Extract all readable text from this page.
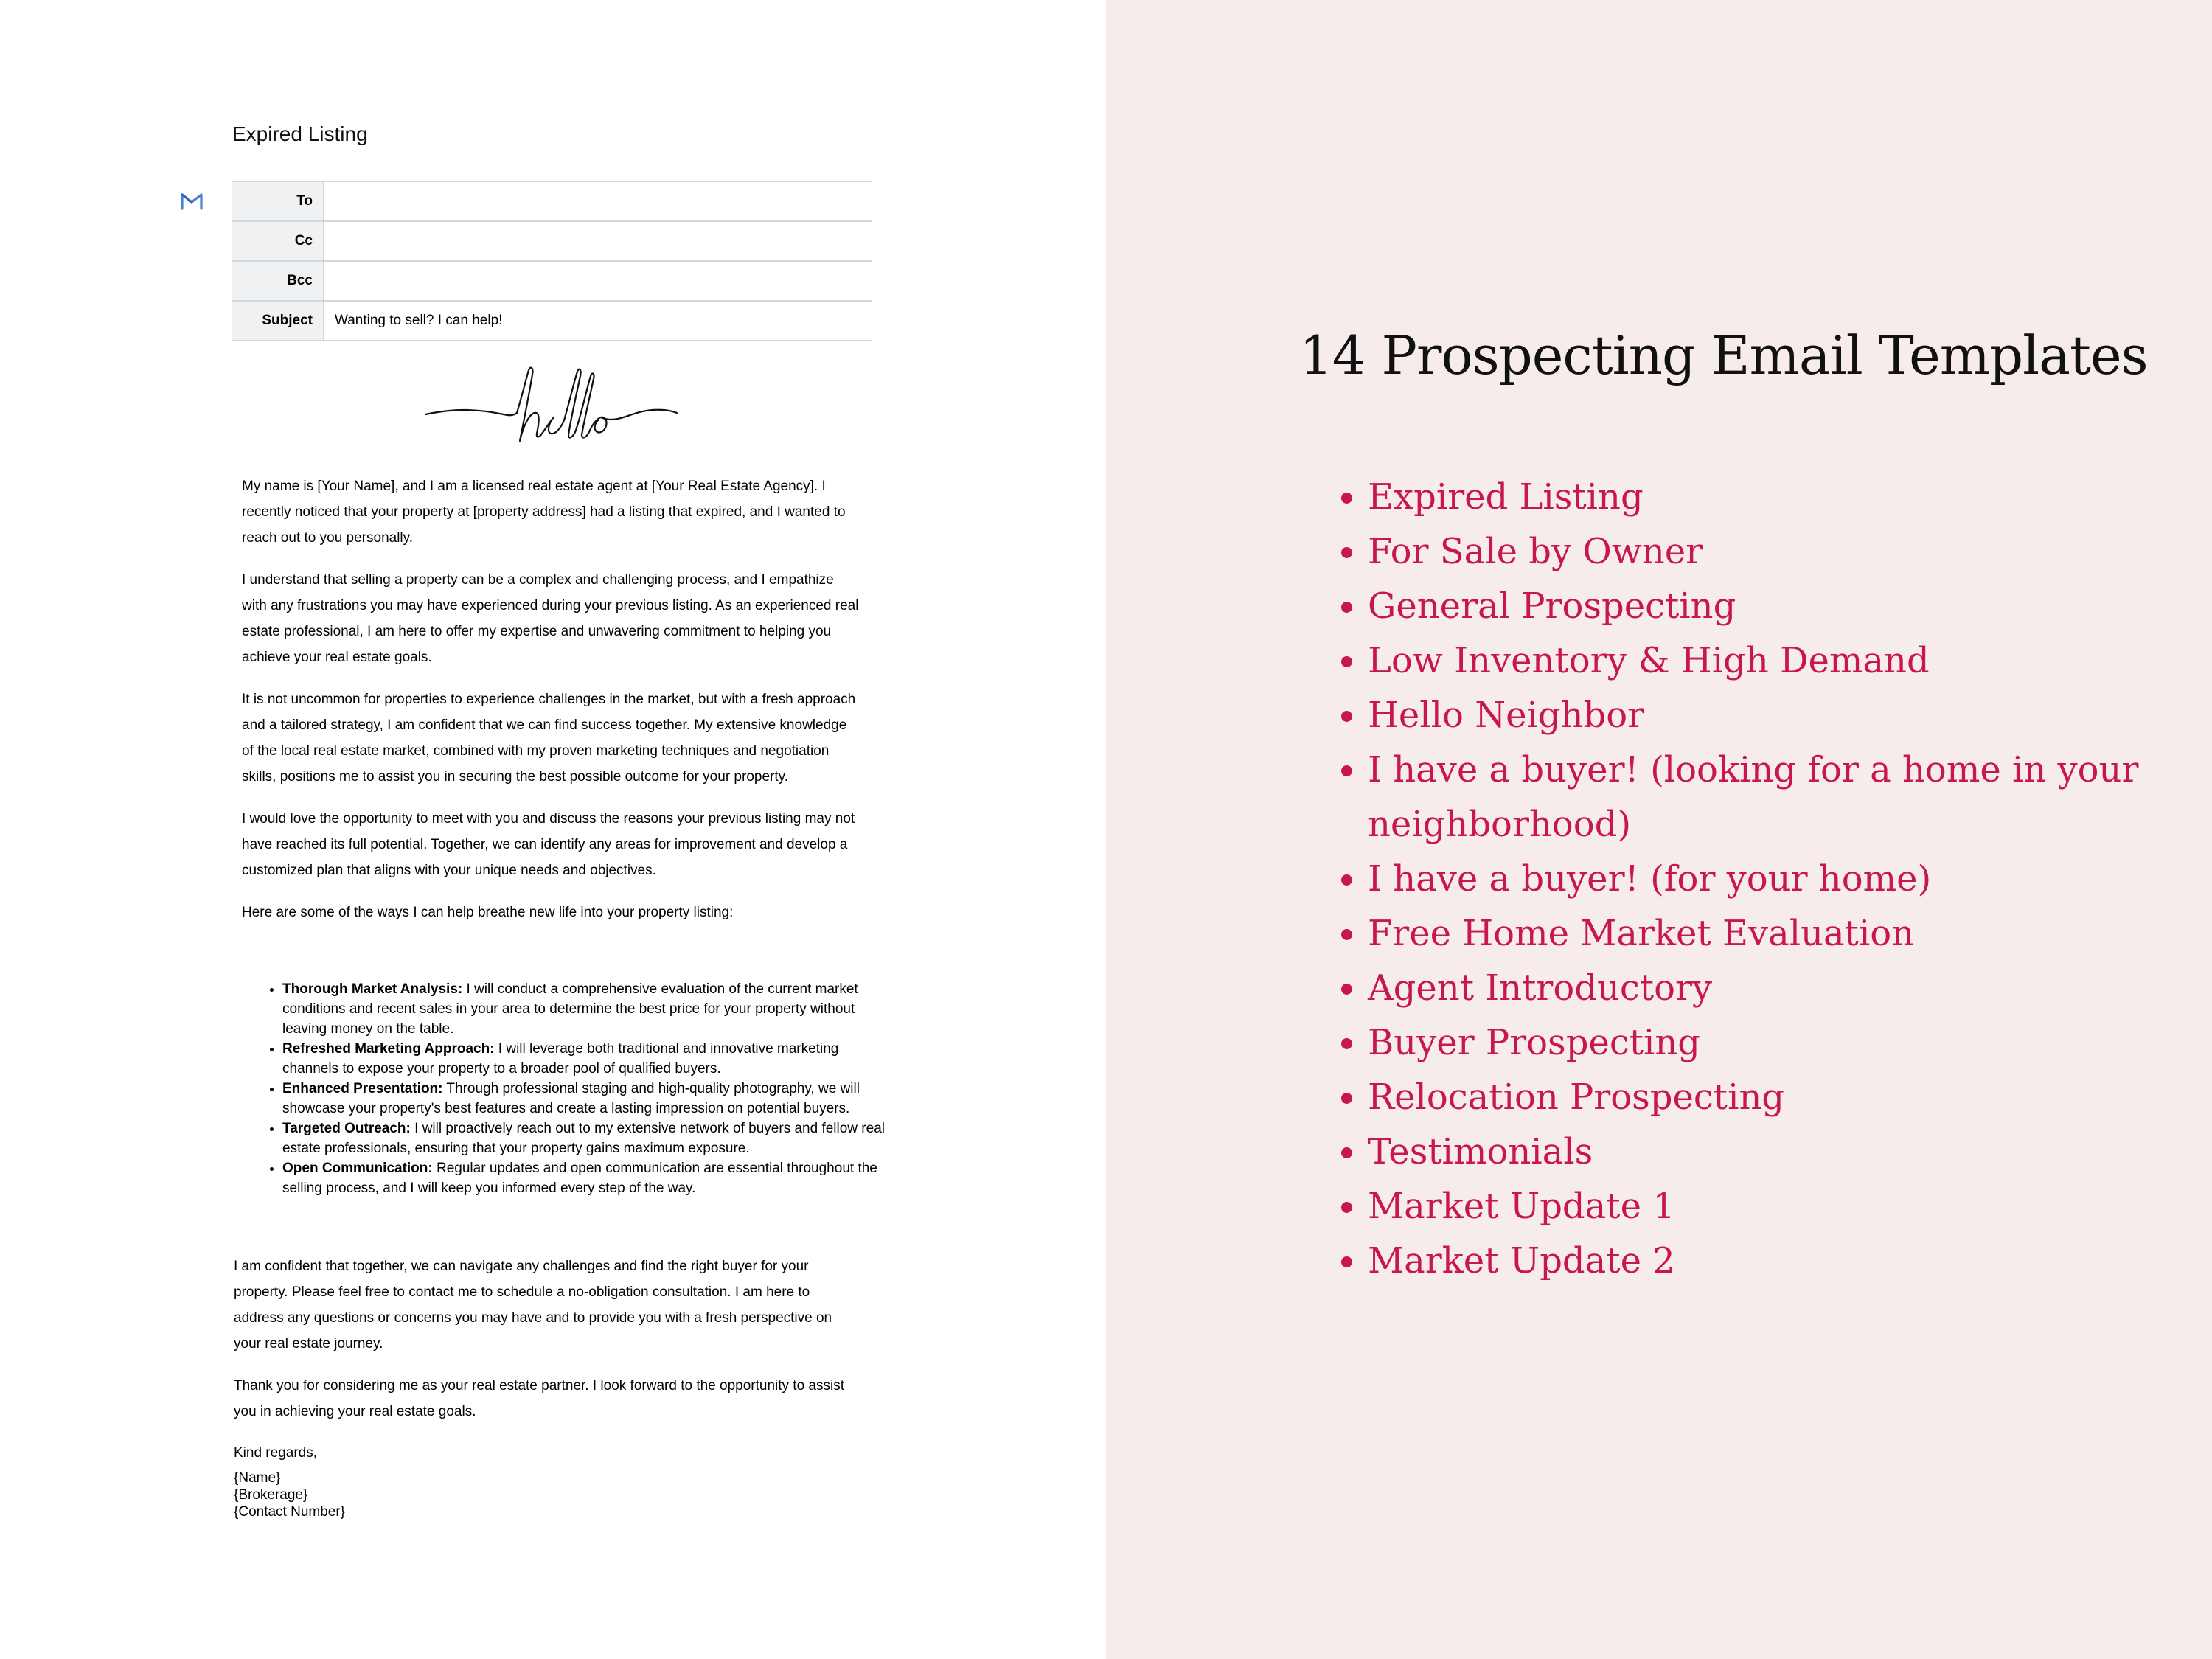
Expired Listing
To	
Cc	
Bcc	
Subject	Wanting to sell? I can help!

My name is [Your Name], and I am a licensed real estate agent at [Your Real Estate Agency]. I recently noticed that your property at [property address] had a listing that expired, and I wanted to reach out to you personally.

I understand that selling a property can be a complex and challenging process, and I empathize with any frustrations you may have experienced during your previous listing. As an experienced real estate professional, I am here to offer my expertise and unwavering commitment to helping you achieve your real estate goals.

It is not uncommon for properties to experience challenges in the market, but with a fresh approach and a tailored strategy, I am confident that we can find success together. My extensive knowledge of the local real estate market, combined with my proven marketing techniques and negotiation skills, positions me to assist you in securing the best possible outcome for your property.

I would love the opportunity to meet with you and discuss the reasons your previous listing may not have reached its full potential. Together, we can identify any areas for improvement and develop a customized plan that aligns with your unique needs and objectives.

Here are some of the ways I can help breathe new life into your property listing:

• Thorough Market Analysis: I will conduct a comprehensive evaluation of the current market conditions and recent sales in your area to determine the best price for your property without leaving money on the table.
• Refreshed Marketing Approach: I will leverage both traditional and innovative marketing channels to expose your property to a broader pool of qualified buyers.
• Enhanced Presentation: Through professional staging and high-quality photography, we will showcase your property's best features and create a lasting impression on potential buyers.
• Targeted Outreach: I will proactively reach out to my extensive network of buyers and fellow real estate professionals, ensuring that your property gains maximum exposure.
• Open Communication: Regular updates and open communication are essential throughout the selling process, and I will keep you informed every step of the way.

I am confident that together, we can navigate any challenges and find the right buyer for your property. Please feel free to contact me to schedule a no-obligation consultation. I am here to address any questions or concerns you may have and to provide you with a fresh perspective on your real estate journey.

Thank you for considering me as your real estate partner. I look forward to the opportunity to assist you in achieving your real estate goals.

Kind regards,
{Name}
{Brokerage}
{Contact Number}
14 Prospecting Email Templates
• Expired Listing
• For Sale by Owner
• General Prospecting
• Low Inventory & High Demand
• Hello Neighbor
• I have a buyer! (looking for a home in your neighborhood)
• I have a buyer! (for your home)
• Free Home Market Evaluation
• Agent Introductory
• Buyer Prospecting
• Relocation Prospecting
• Testimonials
• Market Update 1
• Market Update 2
